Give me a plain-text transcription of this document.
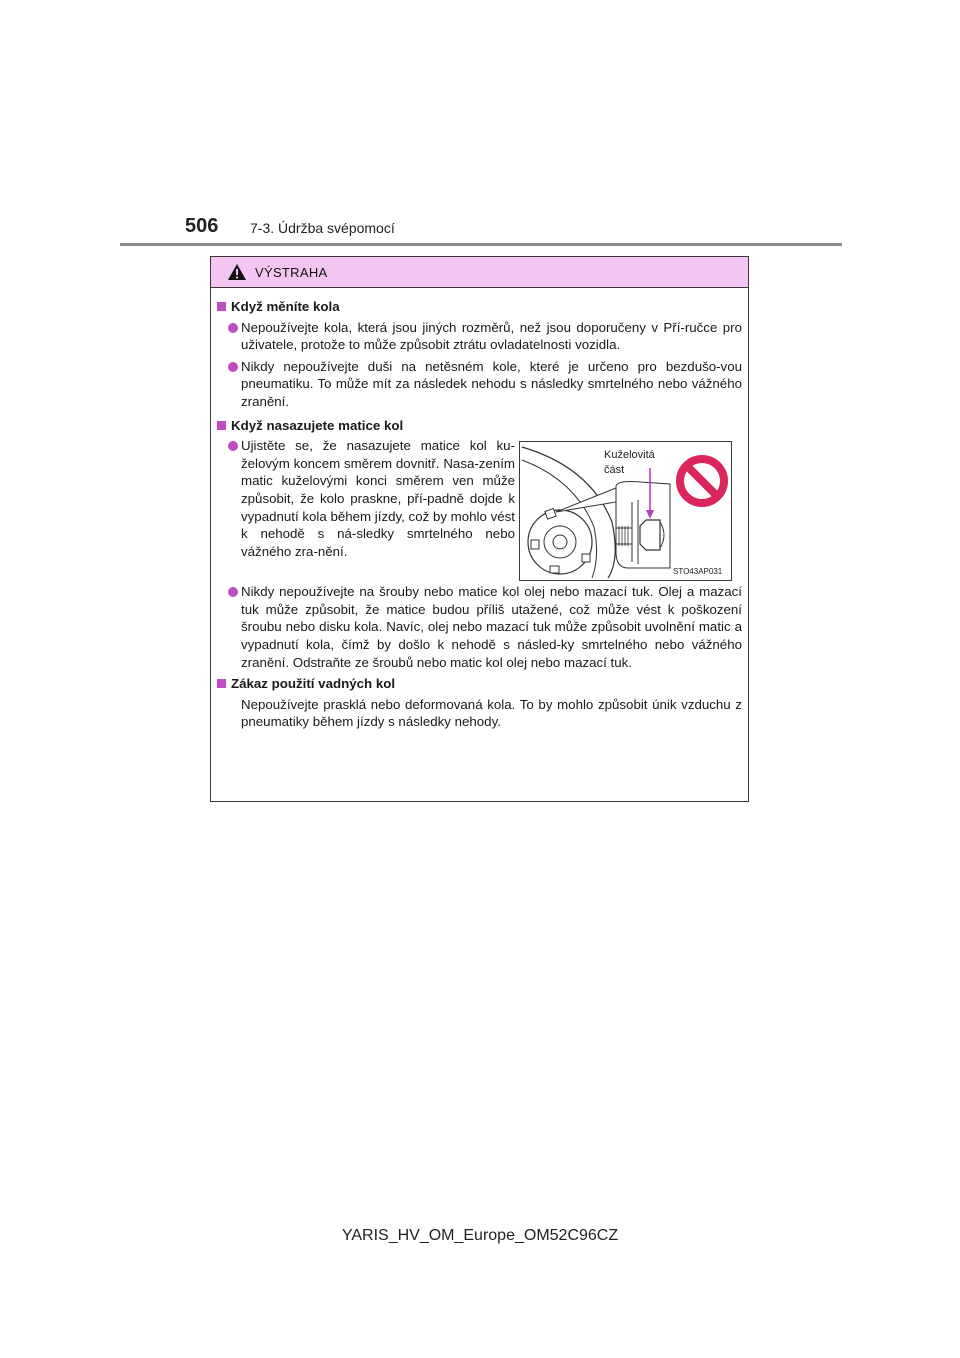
506 7-3. Údržba svépomocí
VÝSTRAHA
Když měníte kola
Nepoužívejte kola, která jsou jiných rozměrů, než jsou doporučeny v Pří-ručce pro uživatele, protože to může způsobit ztrátu ovladatelnosti vozidla.
Nikdy nepoužívejte duši na netěsném kole, které je určeno pro bezdušo-vou pneumatiku. To může mít za následek nehodu s následky smrtelného nebo vážného zranění.
Když nasazujete matice kol
Ujistěte se, že nasazujete matice kol ku-želovým koncem směrem dovnitř. Nasa-zením matic kuželovými konci směrem ven může způsobit, že kolo praskne, pří-padně dojde k vypadnutí kola během jízdy, což by mohlo vést k nehodě s ná-sledky smrtelného nebo vážného zra-nění.
Kuželovitá
část
STO43AP031
Nikdy nepoužívejte na šrouby nebo matice kol olej nebo mazací tuk. Olej a mazací tuk může způsobit, že matice budou příliš utažené, což může vést k poškození šroubu nebo disku kola. Navíc, olej nebo mazací tuk může způsobit uvolnění matic a vypadnutí kola, čímž by došlo k nehodě s násled-ky smrtelného nebo vážného zranění. Odstraňte ze šroubů nebo matic kol olej nebo mazací tuk.
Zákaz použití vadných kol
Nepoužívejte prasklá nebo deformovaná kola. To by mohlo způsobit únik vzduchu z pneumatiky během jízdy s následky nehody.
YARIS_HV_OM_Europe_OM52C96CZ
